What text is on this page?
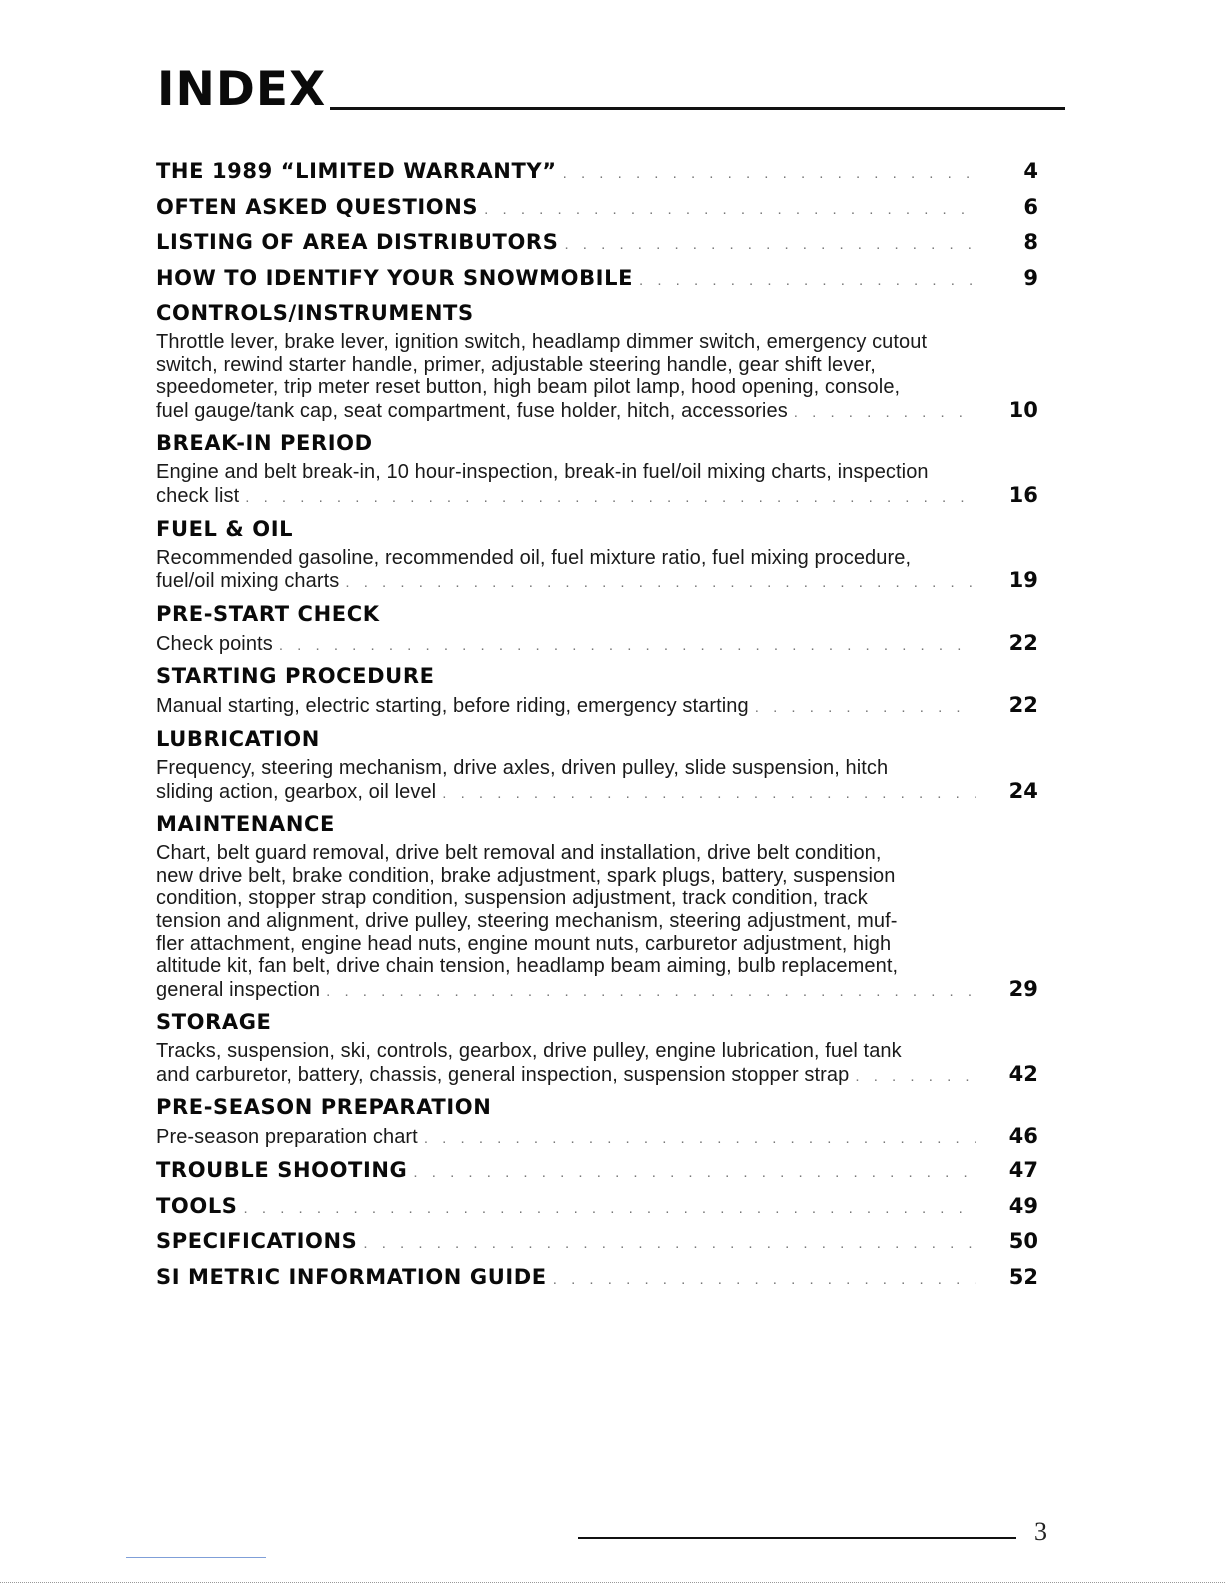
INDEX
THE 1989 “LIMITED WARRANTY” . . .	4
OFTEN ASKED QUESTIONS . . .	6
LISTING OF AREA DISTRIBUTORS . . .	8
HOW TO IDENTIFY YOUR SNOWMOBILE . . .	9
CONTROLS/INSTRUMENTS
Throttle lever, brake lever, ignition switch, headlamp dimmer switch, emergency cutout
switch, rewind starter handle, primer, adjustable steering handle, gear shift lever,
speedometer, trip meter reset button, high beam pilot lamp, hood opening, console,
fuel gauge/tank cap, seat compartment, fuse holder, hitch, accessories . . .	10
BREAK-IN PERIOD
Engine and belt break-in, 10 hour-inspection, break-in fuel/oil mixing charts, inspection
check list . . .	16
FUEL & OIL
Recommended gasoline, recommended oil, fuel mixture ratio, fuel mixing procedure,
fuel/oil mixing charts . . .	19
PRE-START CHECK
Check points . . .	22
STARTING PROCEDURE
Manual starting, electric starting, before riding, emergency starting . . .	22
LUBRICATION
Frequency, steering mechanism, drive axles, driven pulley, slide suspension, hitch
sliding action, gearbox, oil level . . .	24
MAINTENANCE
Chart, belt guard removal, drive belt removal and installation, drive belt condition,
new drive belt, brake condition, brake adjustment, spark plugs, battery, suspension
condition, stopper strap condition, suspension adjustment, track condition, track
tension and alignment, drive pulley, steering mechanism, steering adjustment, muf-
fler attachment, engine head nuts, engine mount nuts, carburetor adjustment, high
altitude kit, fan belt, drive chain tension, headlamp beam aiming, bulb replacement,
general inspection . . .	29
STORAGE
Tracks, suspension, ski, controls, gearbox, drive pulley, engine lubrication, fuel tank
and carburetor, battery, chassis, general inspection, suspension stopper strap . . .	42
PRE-SEASON PREPARATION
Pre-season preparation chart . . .	46
TROUBLE SHOOTING . . .	47
TOOLS . . .	49
SPECIFICATIONS . . .	50
SI METRIC INFORMATION GUIDE . . .	52
3
